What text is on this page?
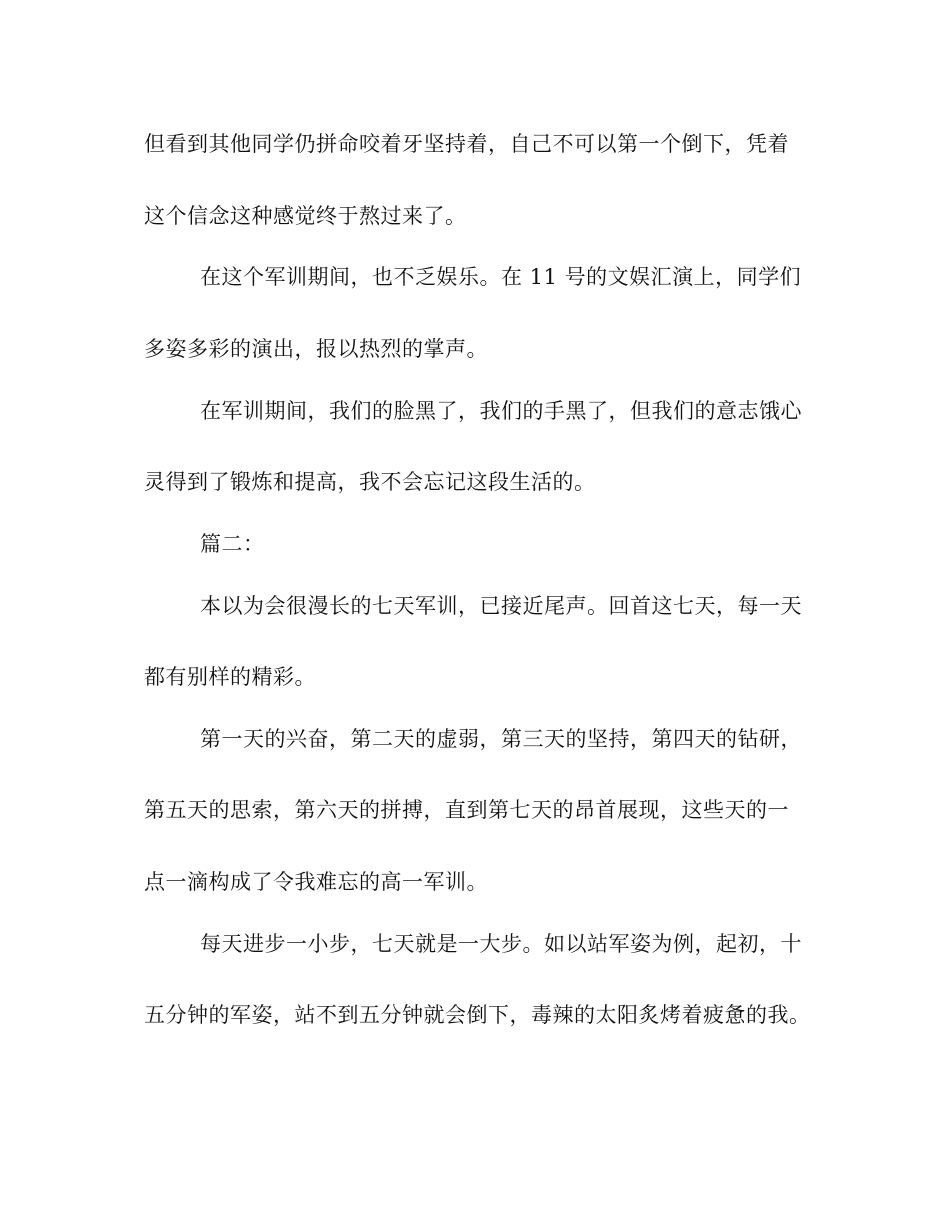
但看到其他同学仍拼命咬着牙坚持着，自己不可以第一个倒下，凭着
这个信念这种感觉终于熬过来了。
在这个军训期间，也不乏娱乐。在 11 号的文娱汇演上，同学们
多姿多彩的演出，报以热烈的掌声。
在军训期间，我们的脸黑了，我们的手黑了，但我们的意志饿心
灵得到了锻炼和提高，我不会忘记这段生活的。
篇二：
本以为会很漫长的七天军训，已接近尾声。回首这七天，每一天
都有别样的精彩。
第一天的兴奋，第二天的虚弱，第三天的坚持，第四天的钻研，
第五天的思索，第六天的拼搏，直到第七天的昂首展现，这些天的一
点一滴构成了令我难忘的高一军训。
每天进步一小步，七天就是一大步。如以站军姿为例，起初，十
五分钟的军姿，站不到五分钟就会倒下，毒辣的太阳炙烤着疲惫的我。
